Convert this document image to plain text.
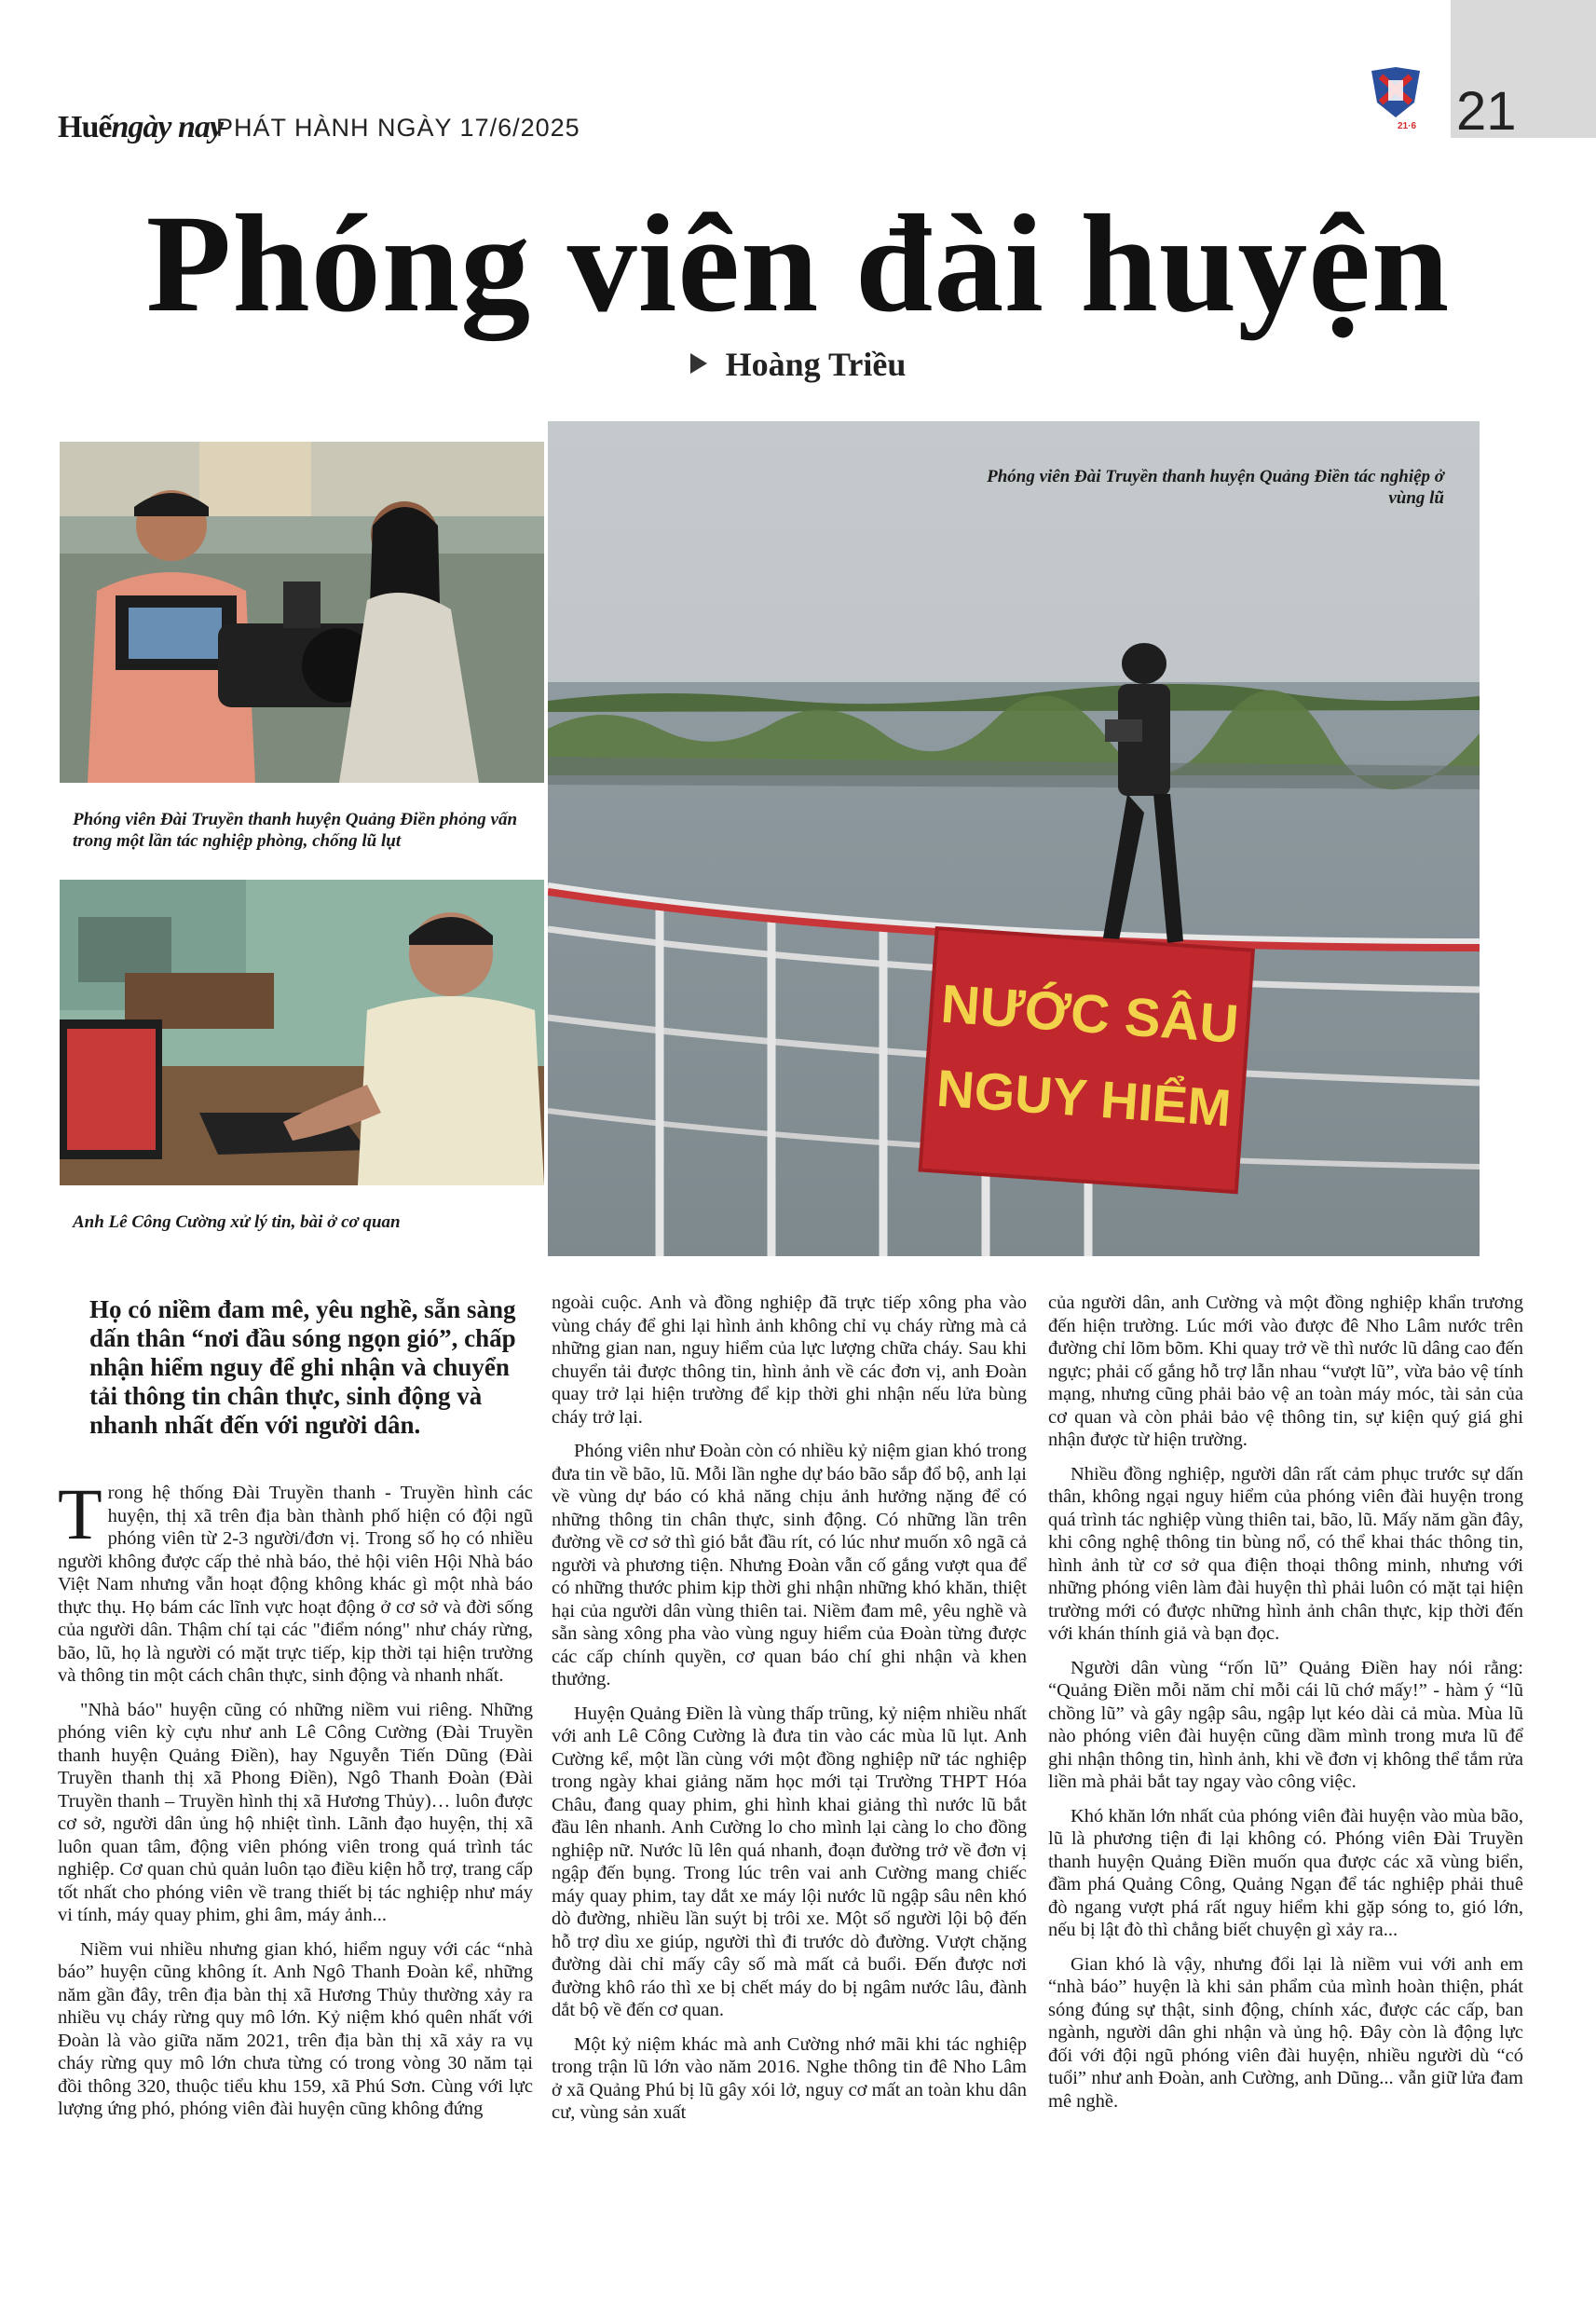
Huếngày nay
PHÁT HÀNH NGÀY 17/6/2025	21
21·6
Phóng viên đài huyện
Hoàng Triều
NƯỚC SÂU
NGUY HIỂM
Phóng viên Đài Truyền thanh huyện Quảng Điền tác nghiệp ở vùng lũ
Phóng viên Đài Truyền thanh huyện Quảng Điền phỏng vấn trong một lần tác nghiệp phòng, chống lũ lụt
Anh Lê Công Cường xử lý tin, bài ở cơ quan
Họ có niềm đam mê, yêu nghề, sẵn sàng dấn thân “nơi đầu sóng ngọn gió”, chấp nhận hiểm nguy để ghi nhận và chuyển tải thông tin chân thực, sinh động và nhanh nhất đến với người dân.

Trong hệ thống Đài Truyền thanh - Truyền hình các huyện, thị xã trên địa bàn thành phố hiện có đội ngũ phóng viên từ 2-3 người/đơn vị. Trong số họ có nhiều người không được cấp thẻ nhà báo, thẻ hội viên Hội Nhà báo Việt Nam nhưng vẫn hoạt động không khác gì một nhà báo thực thụ. Họ bám các lĩnh vực hoạt động ở cơ sở và đời sống của người dân. Thậm chí tại các "điểm nóng" như cháy rừng, bão, lũ, họ là người có mặt trực tiếp, kịp thời tại hiện trường và thông tin một cách chân thực, sinh động và nhanh nhất.

"Nhà báo" huyện cũng có những niềm vui riêng. Những phóng viên kỳ cựu như anh Lê Công Cường (Đài Truyền thanh huyện Quảng Điền), hay Nguyễn Tiến Dũng (Đài Truyền thanh thị xã Phong Điền), Ngô Thanh Đoàn (Đài Truyền thanh – Truyền hình thị xã Hương Thủy)… luôn được cơ sở, người dân ủng hộ nhiệt tình. Lãnh đạo huyện, thị xã luôn quan tâm, động viên phóng viên trong quá trình tác nghiệp. Cơ quan chủ quản luôn tạo điều kiện hỗ trợ, trang cấp tốt nhất cho phóng viên về trang thiết bị tác nghiệp như máy vi tính, máy quay phim, ghi âm, máy ảnh...

Niềm vui nhiều nhưng gian khó, hiểm nguy với các “nhà báo” huyện cũng không ít. Anh Ngô Thanh Đoàn kể, những năm gần đây, trên địa bàn thị xã Hương Thủy thường xảy ra nhiều vụ cháy rừng quy mô lớn. Kỷ niệm khó quên nhất với Đoàn là vào giữa năm 2021, trên địa bàn thị xã xảy ra vụ cháy rừng quy mô lớn chưa từng có trong vòng 30 năm tại đồi thông 320, thuộc tiểu khu 159, xã Phú Sơn. Cùng với lực lượng ứng phó, phóng viên đài huyện cũng không đứng

ngoài cuộc. Anh và đồng nghiệp đã trực tiếp xông pha vào vùng cháy để ghi lại hình ảnh không chỉ vụ cháy rừng mà cả những gian nan, nguy hiểm của lực lượng chữa cháy. Sau khi chuyển tải được thông tin, hình ảnh về các đơn vị, anh Đoàn quay trở lại hiện trường để kịp thời ghi nhận nếu lửa bùng cháy trở lại.

Phóng viên như Đoàn còn có nhiều kỷ niệm gian khó trong đưa tin về bão, lũ. Mỗi lần nghe dự báo bão sắp đổ bộ, anh lại về vùng dự báo có khả năng chịu ảnh hưởng nặng để có những thông tin chân thực, sinh động. Có những lần trên đường về cơ sở thì gió bắt đầu rít, có lúc như muốn xô ngã cả người và phương tiện. Nhưng Đoàn vẫn cố gắng vượt qua để có những thước phim kịp thời ghi nhận những khó khăn, thiệt hại của người dân vùng thiên tai. Niềm đam mê, yêu nghề và sẵn sàng xông pha vào vùng nguy hiểm của Đoàn từng được các cấp chính quyền, cơ quan báo chí ghi nhận và khen thưởng.

Huyện Quảng Điền là vùng thấp trũng, kỷ niệm nhiều nhất với anh Lê Công Cường là đưa tin vào các mùa lũ lụt. Anh Cường kể, một lần cùng với một đồng nghiệp nữ tác nghiệp trong ngày khai giảng năm học mới tại Trường THPT Hóa Châu, đang quay phim, ghi hình khai giảng thì nước lũ bắt đầu lên nhanh. Anh Cường lo cho mình lại càng lo cho đồng nghiệp nữ. Nước lũ lên quá nhanh, đoạn đường trở về đơn vị ngập đến bụng. Trong lúc trên vai anh Cường mang chiếc máy quay phim, tay dắt xe máy lội nước lũ ngập sâu nên khó dò đường, nhiều lần suýt bị trôi xe. Một số người lội bộ đến hỗ trợ dìu xe giúp, người thì đi trước dò đường. Vượt chặng đường dài chỉ mấy cây số mà mất cả buổi. Đến được nơi đường khô ráo thì xe bị chết máy do bị ngâm nước lâu, đành dắt bộ về đến cơ quan.

Một kỷ niệm khác mà anh Cường nhớ mãi khi tác nghiệp trong trận lũ lớn vào năm 2016. Nghe thông tin đê Nho Lâm ở xã Quảng Phú bị lũ gây xói lở, nguy cơ mất an toàn khu dân cư, vùng sản xuất

của người dân, anh Cường và một đồng nghiệp khẩn trương đến hiện trường. Lúc mới vào được đê Nho Lâm nước trên đường chỉ lõm bõm. Khi quay trở về thì nước lũ dâng cao đến ngực; phải cố gắng hỗ trợ lẫn nhau “vượt lũ”, vừa bảo vệ tính mạng, nhưng cũng phải bảo vệ an toàn máy móc, tài sản của cơ quan và còn phải bảo vệ thông tin, sự kiện quý giá ghi nhận được từ hiện trường.

Nhiều đồng nghiệp, người dân rất cảm phục trước sự dấn thân, không ngại nguy hiểm của phóng viên đài huyện trong quá trình tác nghiệp vùng thiên tai, bão, lũ. Mấy năm gần đây, khi công nghệ thông tin bùng nổ, có thể khai thác thông tin, hình ảnh từ cơ sở qua điện thoại thông minh, nhưng với những phóng viên làm đài huyện thì phải luôn có mặt tại hiện trường mới có được những hình ảnh chân thực, kịp thời đến với khán thính giả và bạn đọc.

Người dân vùng “rốn lũ” Quảng Điền hay nói rằng: “Quảng Điền mỗi năm chỉ mỗi cái lũ chớ mấy!” - hàm ý “lũ chồng lũ” và gây ngập sâu, ngập lụt kéo dài cả mùa. Mùa lũ nào phóng viên đài huyện cũng dầm mình trong mưa lũ để ghi nhận thông tin, hình ảnh, khi về đơn vị không thể tắm rửa liền mà phải bắt tay ngay vào công việc.

Khó khăn lớn nhất của phóng viên đài huyện vào mùa bão, lũ là phương tiện đi lại không có. Phóng viên Đài Truyền thanh huyện Quảng Điền muốn qua được các xã vùng biển, đầm phá Quảng Công, Quảng Ngạn để tác nghiệp phải thuê đò ngang vượt phá rất nguy hiểm khi gặp sóng to, gió lớn, nếu bị lật đò thì chẳng biết chuyện gì xảy ra...

Gian khó là vậy, nhưng đổi lại là niềm vui với anh em “nhà báo” huyện là khi sản phẩm của mình hoàn thiện, phát sóng đúng sự thật, sinh động, chính xác, được các cấp, ban ngành, người dân ghi nhận và ủng hộ. Đây còn là động lực đối với đội ngũ phóng viên đài huyện, nhiều người dù “có tuổi” như anh Đoàn, anh Cường, anh Dũng... vẫn giữ lửa đam mê nghề.
